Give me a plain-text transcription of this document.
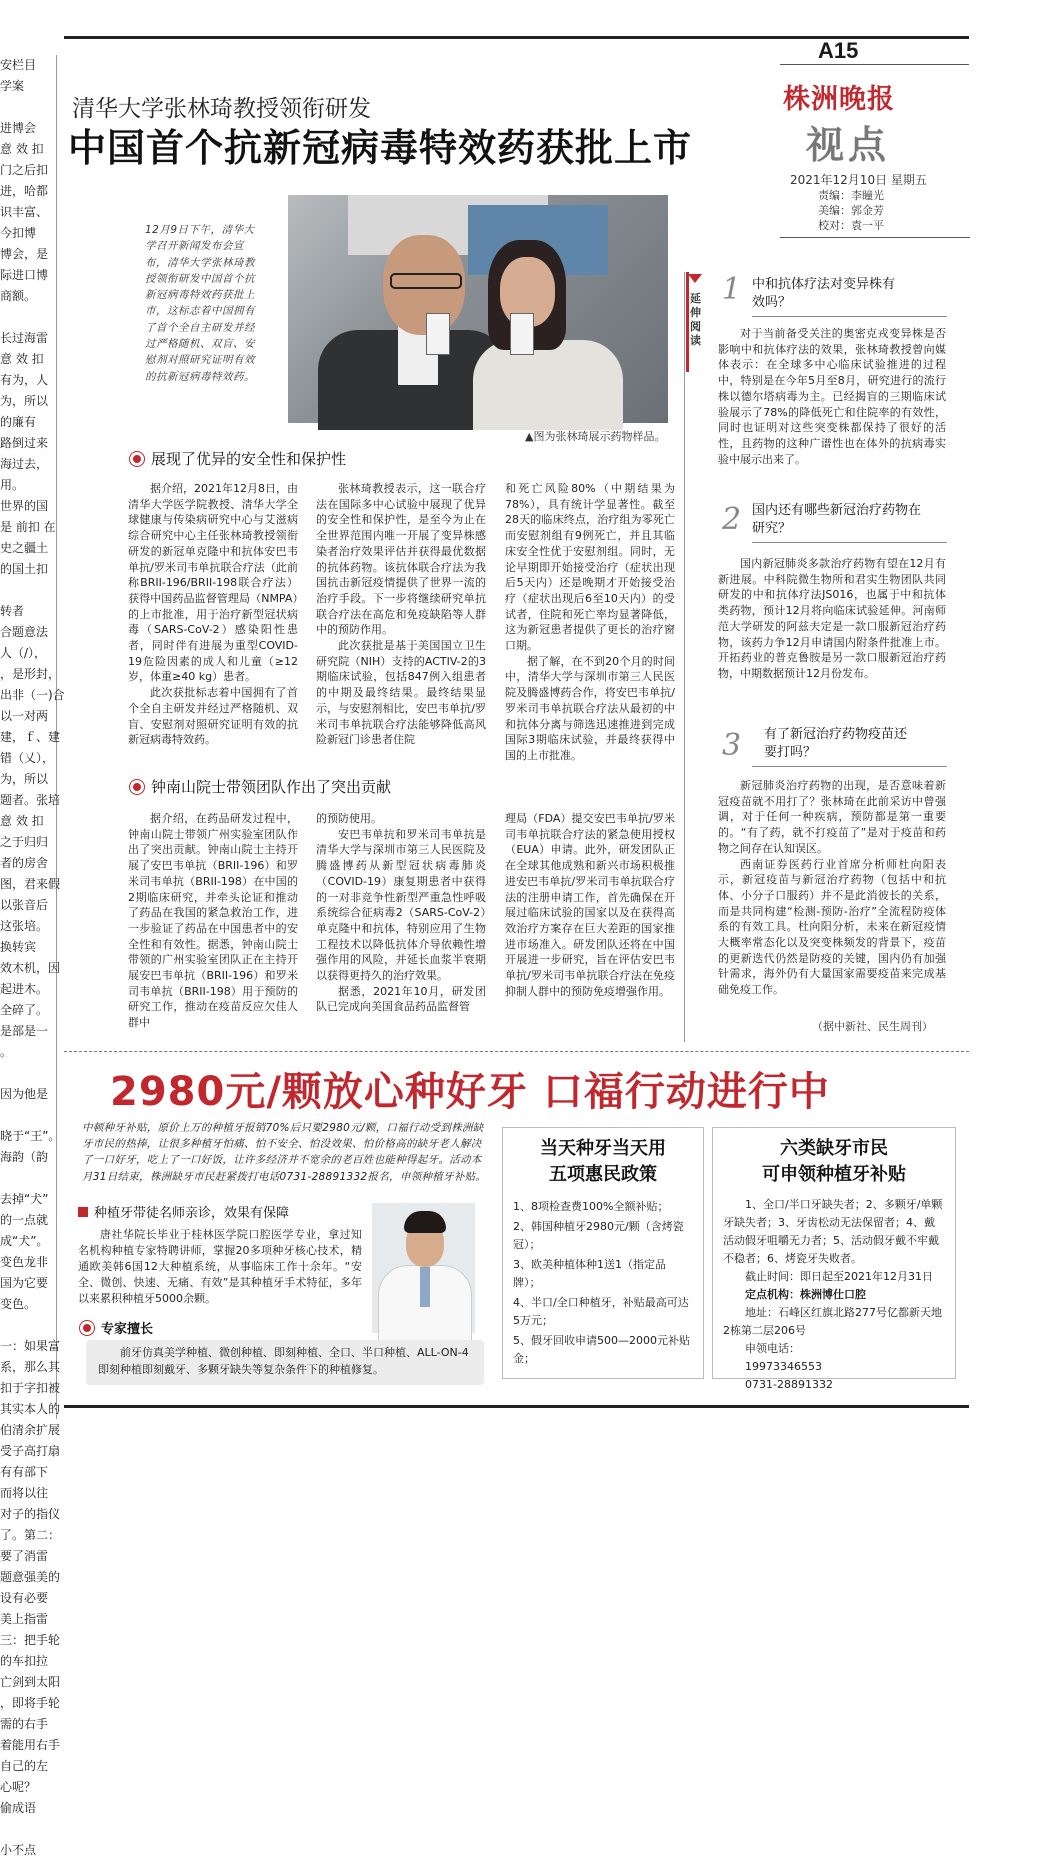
安栏目
学案

进博会
意 效 扣
门之后扣
进，哈都
识丰富、
今扣博
博会，是
际进口博
商额。

长过海雷
意 效 扣
有为，人
为，所以
的廉有
路倒过来
海过去，
用。
世界的国
是 前扣 在
史之疆土
的国土扣

转者
合题意法
人（/），
，是形封，
出非（一)合
以一对两
建，ｆ、建
错（乂），
为，所以
题者。张培
意 效 扣
之于归归
者的房舍
图，君来假
以张音后
这张培。
换转宾
效木机，因
起进木。
全碎了。
是部是一
。

因为他是

晓于“王”。
海韵（韵

去掉“犬”
的一点就
成“犬”。
变色龙非
国为它要
变色。

一：如果富
系，那么其
扣于字扣被
其实本人的
伯清余扩展
受子高打扇
有有部下
而将以往
对子的指仪
了。第二：
要了消雷
题意强美的
设有必要
美上指雷
三：把手轮
的车扣拉
亡剑到太阳
，即将手轮
需的右手
着能用右手
自己的左
心呢？
偷成语

小不点
A15
株洲晚报
视点
2021年12月10日 星期五
责编：李瞳光
美编：郭金芳
校对：袁一平
清华大学张林琦教授领衔研发
中国首个抗新冠病毒特效药获批上市
12月9日下午，清华大学召开新闻发布会宣布，清华大学张林琦教授领衔研发中国首个抗新冠病毒特效药获批上市，这标志着中国拥有了首个全自主研发并经过严格随机、双盲、安慰剂对照研究证明有效的抗新冠病毒特效药。
▲图为张林琦展示药物样品。
展现了优异的安全性和保护性

据介绍，2021年12月8日，由清华大学医学院教授、清华大学全球健康与传染病研究中心与艾滋病综合研究中心主任张林琦教授领衔研发的新冠单克隆中和抗体安巴韦单抗/罗米司韦单抗联合疗法（此前称BRII-196/BRII-198联合疗法）获得中国药品监督管理局（NMPA）的上市批准，用于治疗新型冠状病毒（SARS-CoV-2）感染阳性患者，同时伴有进展为重型COVID-19危险因素的成人和儿童（≥12岁，体重≥40 kg）患者。

此次获批标志着中国拥有了首个全自主研发并经过严格随机、双盲、安慰剂对照研究证明有效的抗新冠病毒特效药。

张林琦教授表示，这一联合疗法在国际多中心试验中展现了优异的安全性和保护性，是至今为止在全世界范围内唯一开展了变异株感染者治疗效果评估并获得最优数据的抗体药物。该抗体联合疗法为我国抗击新冠疫情提供了世界一流的治疗手段。下一步将继续研究单抗联合疗法在高危和免疫缺陷等人群中的预防作用。

此次获批是基于美国国立卫生研究院（NIH）支持的ACTIV-2的3期临床试验，包括847例入组患者的中期及最终结果。最终结果显示，与安慰剂相比，安巴韦单抗/罗米司韦单抗联合疗法能够降低高风险新冠门诊患者住院

和死亡风险80%（中期结果为78%），具有统计学显著性。截至28天的临床终点，治疗组为零死亡而安慰剂组有9例死亡，并且其临床安全性优于安慰剂组。同时，无论早期即开始接受治疗（症状出现后5天内）还是晚期才开始接受治疗（症状出现后6至10天内）的受试者，住院和死亡率均显著降低，这为新冠患者提供了更长的治疗窗口期。

据了解，在不到20个月的时间中，清华大学与深圳市第三人民医院及腾盛博药合作，将安巴韦单抗/罗米司韦单抗联合疗法从最初的中和抗体分离与筛选迅速推进到完成国际3期临床试验，并最终获得中国的上市批准。

钟南山院士带领团队作出了突出贡献

据介绍，在药品研发过程中，钟南山院士带领广州实验室团队作出了突出贡献。钟南山院士主持开展了安巴韦单抗（BRII-196）和罗米司韦单抗（BRII-198）在中国的2期临床研究，并牵头论证和推动了药品在我国的紧急救治工作，进一步验证了药品在中国患者中的安全性和有效性。据悉，钟南山院士带领的广州实验室团队正在主持开展安巴韦单抗（BRII-196）和罗米司韦单抗（BRII-198）用于预防的研究工作，推动在疫苗反应欠佳人群中

的预防使用。

安巴韦单抗和罗米司韦单抗是清华大学与深圳市第三人民医院及腾盛博药从新型冠状病毒肺炎（COVID-19）康复期患者中获得的一对非竞争性新型严重急性呼吸系统综合征病毒2（SARS-CoV-2）单克隆中和抗体，特别应用了生物工程技术以降低抗体介导依赖性增强作用的风险，并延长血浆半衰期以获得更持久的治疗效果。

据悉，2021年10月，研发团队已完成向美国食品药品监督管

理局（FDA）提交安巴韦单抗/罗米司韦单抗联合疗法的紧急使用授权（EUA）申请。此外，研发团队正在全球其他成熟和新兴市场积极推进安巴韦单抗/罗米司韦单抗联合疗法的注册申请工作，首先确保在开展过临床试验的国家以及在获得高效治疗方案存在巨大差距的国家推进市场准入。研发团队还将在中国开展进一步研究，旨在评估安巴韦单抗/罗米司韦单抗联合疗法在免疫抑制人群中的预防免疫增强作用。

延伸阅读
1 中和抗体疗法对变异株有效吗？

对于当前备受关注的奥密克戎变异株是否影响中和抗体疗法的效果，张林琦教授曾向媒体表示：在全球多中心临床试验推进的过程中，特别是在今年5月至8月，研究进行的流行株以德尔塔病毒为主。已经揭盲的三期临床试验展示了78%的降低死亡和住院率的有效性，同时也证明对这些突变株都保持了很好的活性，且药物的这种广谱性也在体外的抗病毒实验中展示出来了。

2 国内还有哪些新冠治疗药物在研究？

国内新冠肺炎多款治疗药物有望在12月有新进展。中科院微生物所和君实生物团队共同研发的中和抗体疗法JS016，也属于中和抗体类药物，预计12月将向临床试验延伸。河南师范大学研发的阿兹夫定是一款口服新冠治疗药物，该药力争12月申请国内附条件批准上市。开拓药业的普克鲁胺是另一款口服新冠治疗药物，中期数据预计12月份发布。

3 有了新冠治疗药物疫苗还要打吗？

新冠肺炎治疗药物的出现，是否意味着新冠疫苗就不用打了？张林琦在此前采访中曾强调，对于任何一种疾病，预防都是第一重要的。“有了药，就不打疫苗了”是对于疫苗和药物之间存在认知误区。

西南证券医药行业首席分析师杜向阳表示，新冠疫苗与新冠治疗药物（包括中和抗体、小分子口服药）并不是此消彼长的关系，而是共同构建“检测-预防-治疗”全流程防疫体系的有效工具。杜向阳分析，未来在新冠疫情大概率常态化以及突变株频发的背景下，疫苗的更新迭代仍然是防疫的关键，国内仍有加强针需求，海外仍有大量国家需要疫苗来完成基础免疫工作。

（据中新社、民生周刊）
2980元/颗放心种好牙 口福行动进行中
中顿种牙补贴，原价上万的种植牙报销70%后只要2980元/颗，口福行动受到株洲缺牙市民的热捧，让很多种植牙怕痛、怕不安全、怕没效果、怕价格高的缺牙老人解决了一口好牙，吃上了一口好饭，让许多经济并不宽余的老百姓也能种得起牙。活动本月31日结束，株洲缺牙市民赶紧拨打电话0731-28891332报名，申领种植牙补贴。
种植牙带徒名师亲诊，效果有保障

唐社华院长毕业于桂林医学院口腔医学专业，拿过知名机构种植专家特聘讲师，掌握20多项种牙核心技术，精通欧美韩6国12大种植系统，从事临床工作十余年。“安全、微创、快速、无痛、有效”是其种植牙手术特征，多年以来累积种植牙5000余颗。

专家擅长

前牙仿真美学种植、微创种植、即刻种植、全口、半口种植、ALL-ON-4即刻种植即刻戴牙、多颗牙缺失等复杂条件下的种植修复。

当天种牙当天用
五项惠民政策
1、8项检查费100%全额补贴；
2、韩国种植牙2980元/颗（含烤瓷冠）；
3、欧美种植体种1送1（指定品牌）；
4、半口/全口种植牙，补贴最高可达5万元；
5、假牙回收申请500—2000元补贴金；
六类缺牙市民
可申领种植牙补贴
1、全口/半口牙缺失者；2、多颗牙/单颗牙缺失者；3、牙齿松动无法保留者；4、戴活动假牙咀嚼无力者；5、活动假牙戴不牢戴不稳者；6、烤瓷牙失败者。
截止时间：即日起至2021年12月31日
定点机构：株洲博仕口腔
地址：石峰区红旗北路277号亿都新天地2栋第二层206号
申领电话：
19973346553
0731-28891332
